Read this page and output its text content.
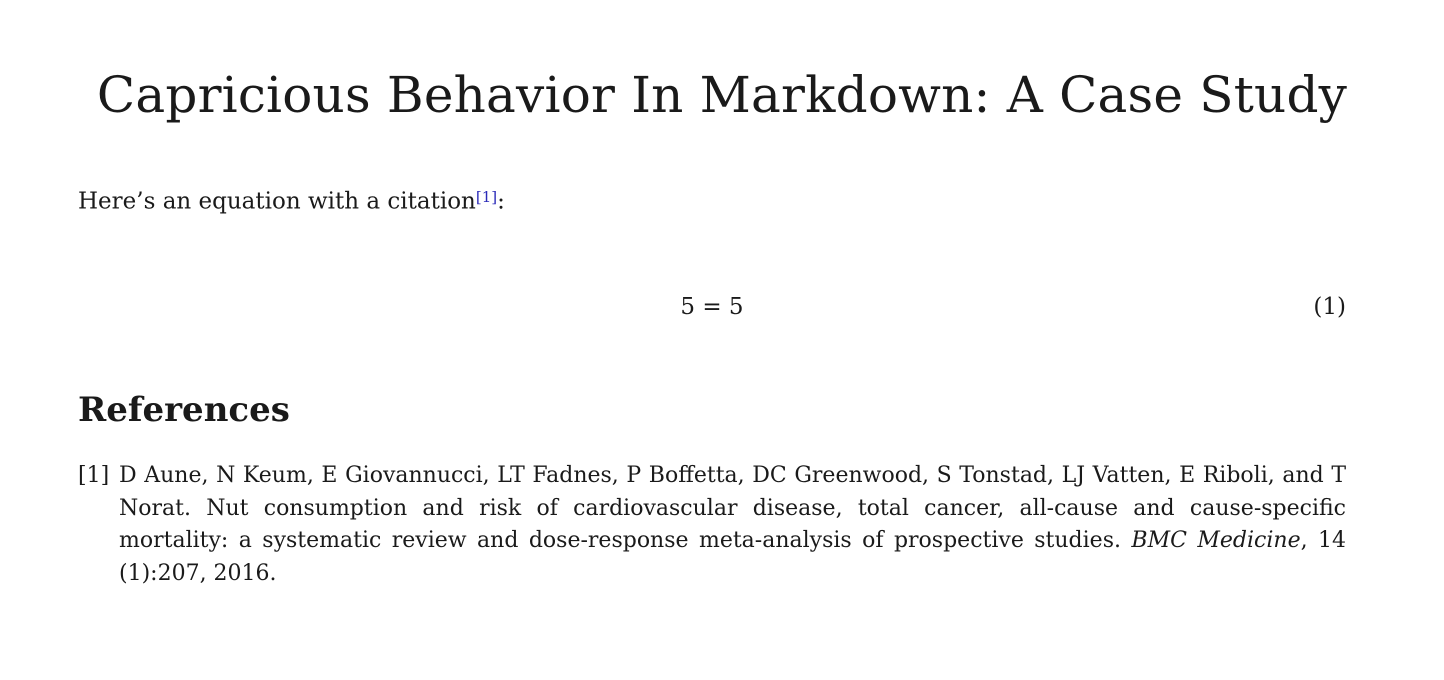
Capricious Behavior In Markdown: A Case Study

Here’s an equation with a citation[1]:

5 = 5	(1)
References
[1] D Aune, N Keum, E Giovannucci, LT Fadnes, P Boffetta, DC Greenwood, S Tonstad, LJ Vatten, E Riboli, and T Norat. Nut consumption and risk of cardiovascular disease, total cancer, all-cause and cause-specific mortality: a systematic review and dose-response meta-analysis of prospective studies. BMC Medicine, 14 (1):207, 2016.
